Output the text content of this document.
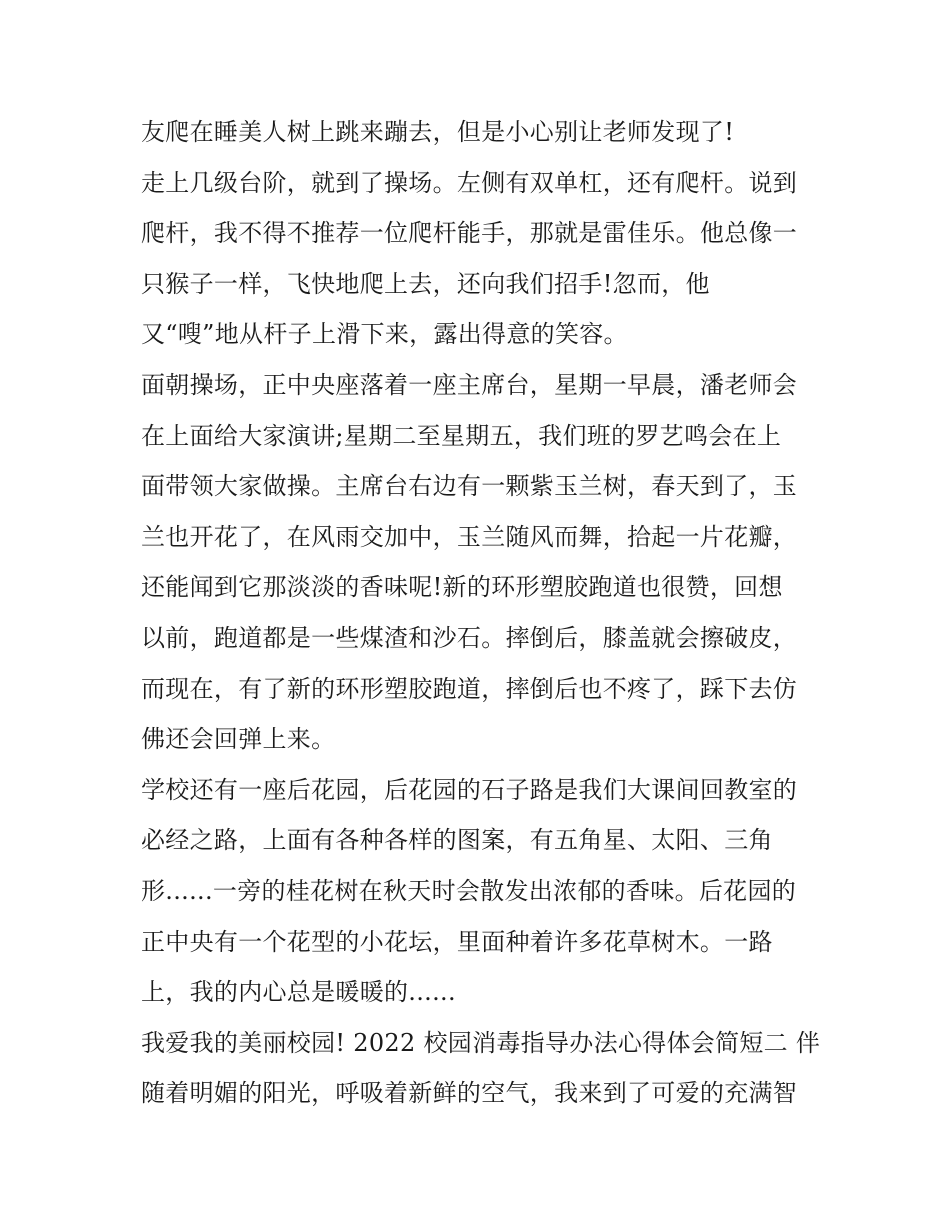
友爬在睡美人树上跳来蹦去，但是小心别让老师发现了!
走上几级台阶，就到了操场。左侧有双单杠，还有爬杆。说到
爬杆，我不得不推荐一位爬杆能手，那就是雷佳乐。他总像一
只猴子一样，飞快地爬上去，还向我们招手!忽而，他
又“嗖”地从杆子上滑下来，露出得意的笑容。
面朝操场，正中央座落着一座主席台，星期一早晨，潘老师会
在上面给大家演讲;星期二至星期五，我们班的罗艺鸣会在上
面带领大家做操。主席台右边有一颗紫玉兰树，春天到了，玉
兰也开花了，在风雨交加中，玉兰随风而舞，拾起一片花瓣，
还能闻到它那淡淡的香味呢!新的环形塑胶跑道也很赞，回想
以前，跑道都是一些煤渣和沙石。摔倒后，膝盖就会擦破皮，
而现在，有了新的环形塑胶跑道，摔倒后也不疼了，踩下去仿
佛还会回弹上来。
学校还有一座后花园，后花园的石子路是我们大课间回教室的
必经之路，上面有各种各样的图案，有五角星、太阳、三角
形......一旁的桂花树在秋天时会散发出浓郁的香味。后花园的
正中央有一个花型的小花坛，里面种着许多花草树木。一路
上，我的内心总是暖暖的......
我爱我的美丽校园! 2022 校园消毒指导办法心得体会简短二 伴
随着明媚的阳光，呼吸着新鲜的空气，我来到了可爱的充满智
